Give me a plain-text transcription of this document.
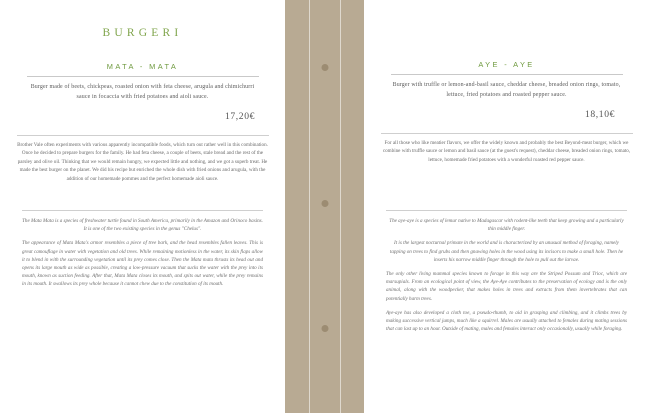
BURGERI
MATA - MATA
Burger made of beets, chickpeas, roasted onion with feta cheese, arugula and chimichurri sauce in focaccia with fried potatoes and aioli sauce.
17,20€
Brother Vale often experiments with various apparently incompatible foods, which turn out rather well in this combination. Once he decided to prepare burgers for the family. He had feta cheese, a couple of beets, stale bread and the rest of the parsley and olive oil. Thinking that we would remain hungry, we expected little and nothing, and we got a superb treat. He made the best burger on the planet. We did his recipe but enriched the whole dish with fried onions and arugula, with the addition of our homemade pommes and the perfect homemade aioli sauce.

The Mata Mata is a species of freshwater turtle found in South America, primarily in the Amazon and Orinoco basins. It is one of the two existing species in the genus "Chelus".

The appearance of Mata Mata's armor resembles a piece of tree bark, and the head resembles fallen leaves. This is great camouflage in water with vegetation and old trees. While remaining motionless in the water, its skin flaps allow it to blend in with the surrounding vegetation until its prey comes close. Then the Mata mata thrusts its head out and opens its large mouth as wide as possible, creating a low-pressure vacuum that sucks the water with the prey into its mouth, known as suction feeding. After that, Mata Mata closes its mouth, and spits out water, while the prey remains in its mouth. It swallows its prey whole because it cannot chew due to the constitution of its mouth.

AYE - AYE
Burger with truffle or lemon-and-basil sauce, cheddar cheese, breaded onion rings, tomato, lettuce, fried potatoes and roasted pepper sauce.
18,10€
For all those who like meatier flavors, we offer the widely known and probably the best Beyond-meat burger, which we combine with truffle sauce or lemon and basil sauce (at the guest's request), cheddar cheese, breaded onion rings, tomato, lettuce, homemade fried potatoes with a wonderful roasted red pepper sauce.

The aye-aye is a species of lemur native to Madagascar with rodent-like teeth that keep growing and a particularly thin middle finger.

It is the largest nocturnal primate in the world and is characterized by an unusual method of foraging, namely tapping on trees to find grubs and then gnawing holes in the wood using its incisors to make a small hole. Then he inserts his narrow middle finger through the hole to pull out the larvae.

The only other living mammal species known to forage in this way are the Striped Possum and Trioc, which are marsupials. From an ecological point of view, the Aye-Aye contributes to the preservation of ecology and is the only animal, along with the woodpecker, that makes holes in trees and extracts from them invertebrates that can potentially harm trees.

Aye-aye has also developed a cloth toe, a pseudo-thumb, to aid in grasping and climbing, and it climbs trees by making successive vertical jumps, much like a squirrel. Males are usually attached to females during mating sessions that can last up to an hour. Outside of mating, males and females interact only occasionally, usually while foraging.
